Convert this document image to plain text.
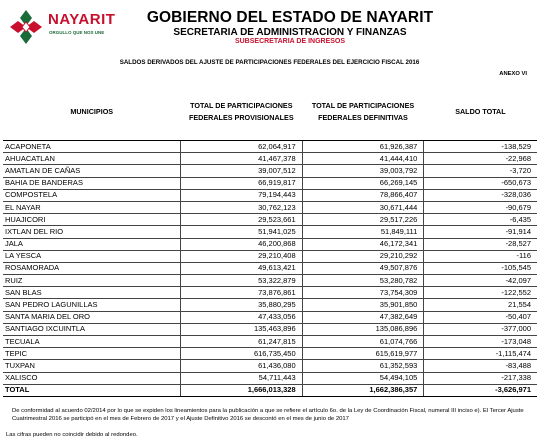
NAYARIT
ORGULLO QUE NOS UNE
GOBIERNO DEL ESTADO DE NAYARIT
SECRETARIA DE ADMINISTRACION Y FINANZAS
SUBSECRETARIA DE INGRESOS
SALDOS DERIVADOS DEL AJUSTE DE PARTICIPACIONES FEDERALES DEL EJERCICIO FISCAL 2016
ANEXO VI
MUNICIPIOS	TOTAL DE PARTICIPACIONES FEDERALES PROVISIONALES	TOTAL DE PARTICIPACIONES FEDERALES DEFINITIVAS	SALDO TOTAL
ACAPONETA	62,064,917	61,926,387	-138,529
AHUACATLAN	41,467,378	41,444,410	-22,968
AMATLAN DE CAÑAS	39,007,512	39,003,792	-3,720
BAHIA DE BANDERAS	66,919,817	66,269,145	-650,673
COMPOSTELA	79,194,443	78,866,407	-328,036
EL NAYAR	30,762,123	30,671,444	-90,679
HUAJICORI	29,523,661	29,517,226	-6,435
IXTLAN DEL RIO	51,941,025	51,849,111	-91,914
JALA	46,200,868	46,172,341	-28,527
LA YESCA	29,210,408	29,210,292	-116
ROSAMORADA	49,613,421	49,507,876	-105,545
RUIZ	53,322,879	53,280,782	-42,097
SAN BLAS	73,876,861	73,754,309	-122,552
SAN PEDRO LAGUNILLAS	35,880,295	35,901,850	21,554
SANTA MARIA DEL ORO	47,433,056	47,382,649	-50,407
SANTIAGO IXCUINTLA	135,463,896	135,086,896	-377,000
TECUALA	61,247,815	61,074,766	-173,048
TEPIC	616,735,450	615,619,977	-1,115,474
TUXPAN	61,436,080	61,352,593	-83,488
XALISCO	54,711,443	54,494,105	-217,338
TOTAL	1,666,013,328	1,662,386,357	-3,626,971
De conformidad al acuerdo 02/2014 por lo que se expiden los lineamientos para la publicación a que se refiere el artículo 6o. de la Ley de Coordinación Fiscal, numeral III inciso e). El Tercer Ajuste Cuatrimestral 2016 se participó en el mes de Febrero de 2017 y el Ajuste Definitivo 2016 se descontó en el mes de junio de 2017
Las cifras pueden no coincidir debido al redondeo.
